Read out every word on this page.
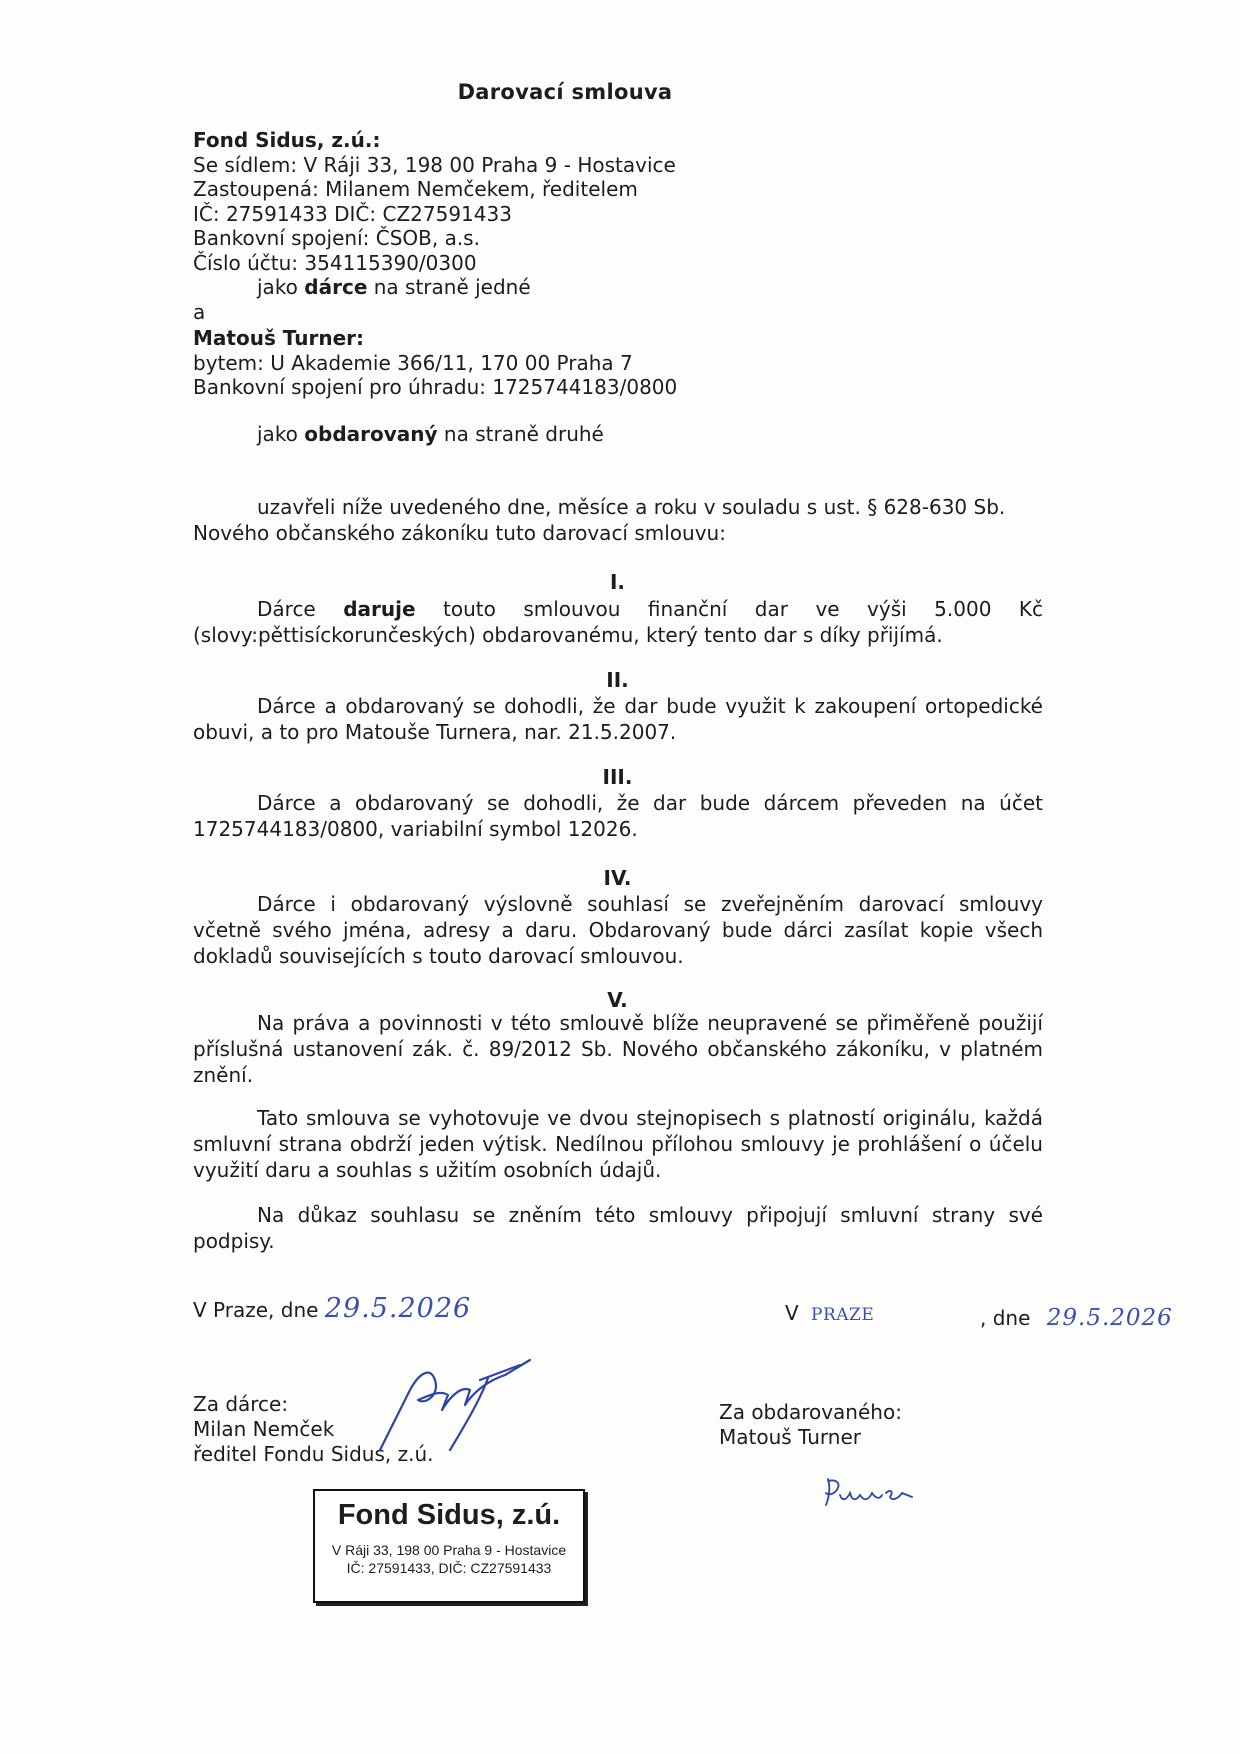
Darovací smlouva
Fond Sidus, z.ú.:
Se sídlem: V Ráji 33, 198 00 Praha 9 - Hostavice
Zastoupená: Milanem Nemčekem, ředitelem
IČ: 27591433 DIČ: CZ27591433
Bankovní spojení: ČSOB, a.s.
Číslo účtu: 354115390/0300
jako dárce na straně jedné
a
Matouš Turner:
bytem: U Akademie 366/11, 170 00 Praha 7
Bankovní spojení pro úhradu: 1725744183/0800
jako obdarovaný na straně druhé
uzavřeli níže uvedeného dne, měsíce a roku v souladu s ust. § 628-630 Sb. Nového občanského zákoníku tuto darovací smlouvu:
I.
Dárce daruje touto smlouvou finanční dar ve výši 5.000 Kč (slovy:pěttisíckorunčeských) obdarovanému, který tento dar s díky přijímá.
II.
Dárce a obdarovaný se dohodli, že dar bude využit k zakoupení ortopedické obuvi, a to pro Matouše Turnera, nar. 21.5.2007.
III.
Dárce a obdarovaný se dohodli, že dar bude dárcem převeden na účet 1725744183/0800, variabilní symbol 12026.
IV.
Dárce i obdarovaný výslovně souhlasí se zveřejněním darovací smlouvy včetně svého jména, adresy a daru. Obdarovaný bude dárci zasílat kopie všech dokladů souvisejících s touto darovací smlouvou.
V.
Na práva a povinnosti v této smlouvě blíže neupravené se přiměřeně použijí příslušná ustanovení zák. č. 89/2012 Sb. Nového občanského zákoníku, v platném znění.
Tato smlouva se vyhotovuje ve dvou stejnopisech s platností originálu, každá smluvní strana obdrží jeden výtisk. Nedílnou přílohou smlouvy je prohlášení o účelu využití daru a souhlas s užitím osobních údajů.
Na důkaz souhlasu se zněním této smlouvy připojují smluvní strany své podpisy.
V Praze, dne 29.5.2026	V PRAZE	, dne 29.5.2026
Za dárce:
Milan Nemček
ředitel Fondu Sidus, z.ú.
Za obdarovaného:
Matouš Turner
Fond Sidus, z.ú.
V Ráji 33, 198 00 Praha 9 - Hostavice
IČ: 27591433, DIČ: CZ27591433
